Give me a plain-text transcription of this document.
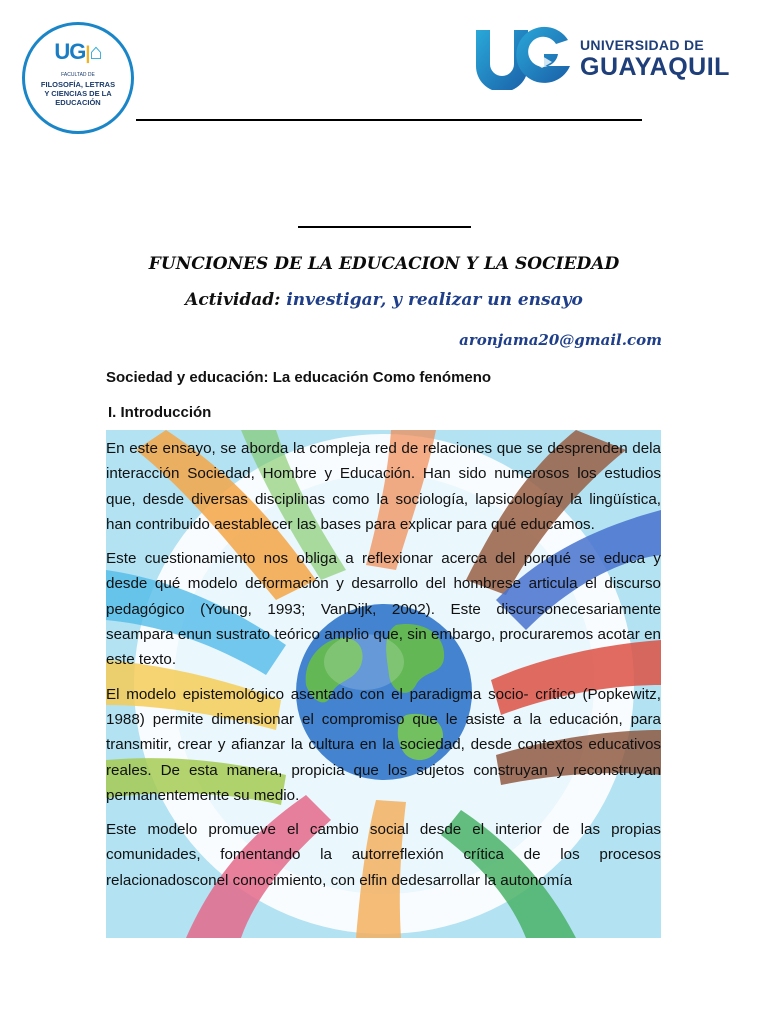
UG|⌂
FACULTAD DE
FILOSOFÍA, LETRAS
Y CIENCIAS DE LA
EDUCACIÓN
UNIVERSIDAD DE
GUAYAQUIL
FUNCIONES DE LA EDUCACION Y LA SOCIEDAD
Actividad: investigar, y realizar un ensayo
aronjama20@gmail.com
Sociedad y educación: La educación Como fenómeno
I. Introducción

En este ensayo, se aborda la compleja red de relaciones que se desprenden dela interacción Sociedad, Hombre y Educación. Han sido numerosos los estudios que, desde diversas disciplinas como la sociología, lapsicologíay la lingüística, han contribuido aestablecer las bases para explicar para qué educamos.

Este cuestionamiento nos obliga a reflexionar acerca del porqué se educa y desde qué modelo deformación y desarrollo del hombrese articula el discurso pedagógico (Young, 1993; VanDijk, 2002). Este discursonecesariamente seampara enun sustrato teórico amplio que, sin embargo, procuraremos acotar en este texto.

El modelo epistemológico asentado con el paradigma socio- crítico (Popkewitz, 1988) permite dimensionar el compromiso que le asiste a la educación, para transmitir, crear y afianzar la cultura en la sociedad, desde contextos educativos reales. De esta manera, propicia que los sujetos construyan y reconstruyan permanentemente su medio.

Este modelo promueve el cambio social desde el interior de las propias comunidades, fomentando la autorreflexión crítica de los procesos relacionadosconel conocimiento, con elfin dedesarrollar la autonomía
